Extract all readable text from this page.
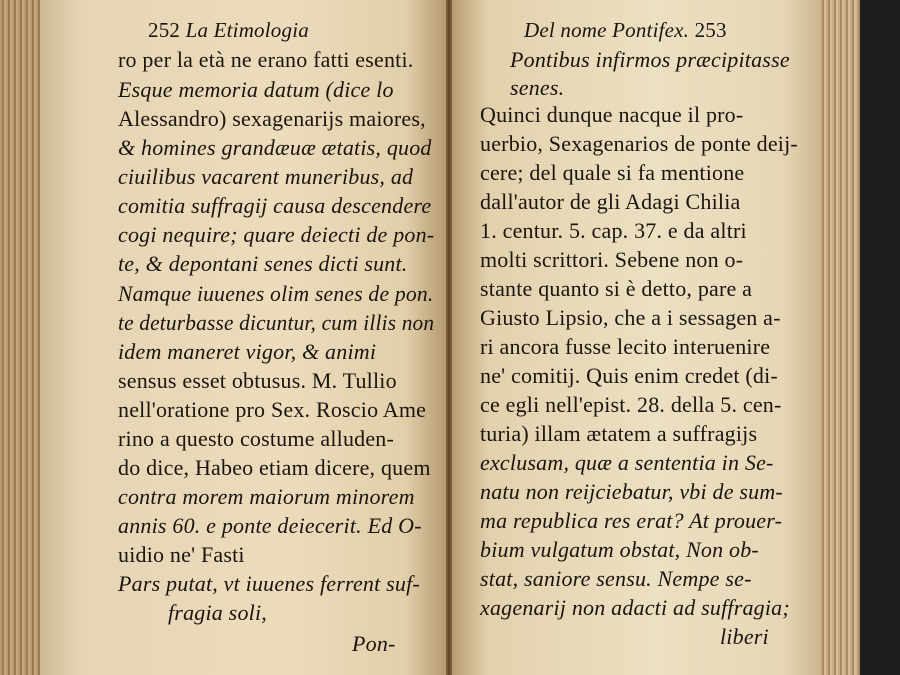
252 La Etimologia
ro per la età ne erano fatti esenti.
Esque memoria datum (dice lo
Alessandro) sexagenarijs maiores,
& homines grandæuæ ætatis, quod
ciuilibus vacarent muneribus, ad
comitia suffragij causa descendere
cogi nequire; quare deiecti de pon-
te, & depontani senes dicti sunt.
Namque iuuenes olim senes de pon.
te deturbasse dicuntur, cum illis non
idem maneret vigor, & animi
sensus esset obtusus. M. Tullio
nell'oratione pro Sex. Roscio Ame
rino a questo costume alluden-
do dice, Habeo etiam dicere, quem
contra morem maiorum minorem
annis 60. e ponte deiecerit. Ed O-
uidio ne' Fasti
Pars putat, vt iuuenes ferrent suf-
fragia soli,
Pon-
Del nome Pontifex. 253
Pontibus infirmos præcipitasse
senes.
Quinci dunque nacque il pro-
uerbio, Sexagenarios de ponte deij-
cere; del quale si fa mentione
dall'autor de gli Adagi Chilia
1. centur. 5. cap. 37. e da altri
molti scrittori. Sebene non o-
stante quanto si è detto, pare a
Giusto Lipsio, che a i sessagen a-
ri ancora fusse lecito interuenire
ne' comitij. Quis enim credet (di-
ce egli nell'epist. 28. della 5. cen-
turia) illam ætatem a suffragijs
exclusam, quæ a sententia in Se-
natu non reijciebatur, vbi de sum-
ma republica res erat? At prouer-
bium vulgatum obstat, Non ob-
stat, saniore sensu. Nempe se-
xagenarij non adacti ad suffragia;
liberi
